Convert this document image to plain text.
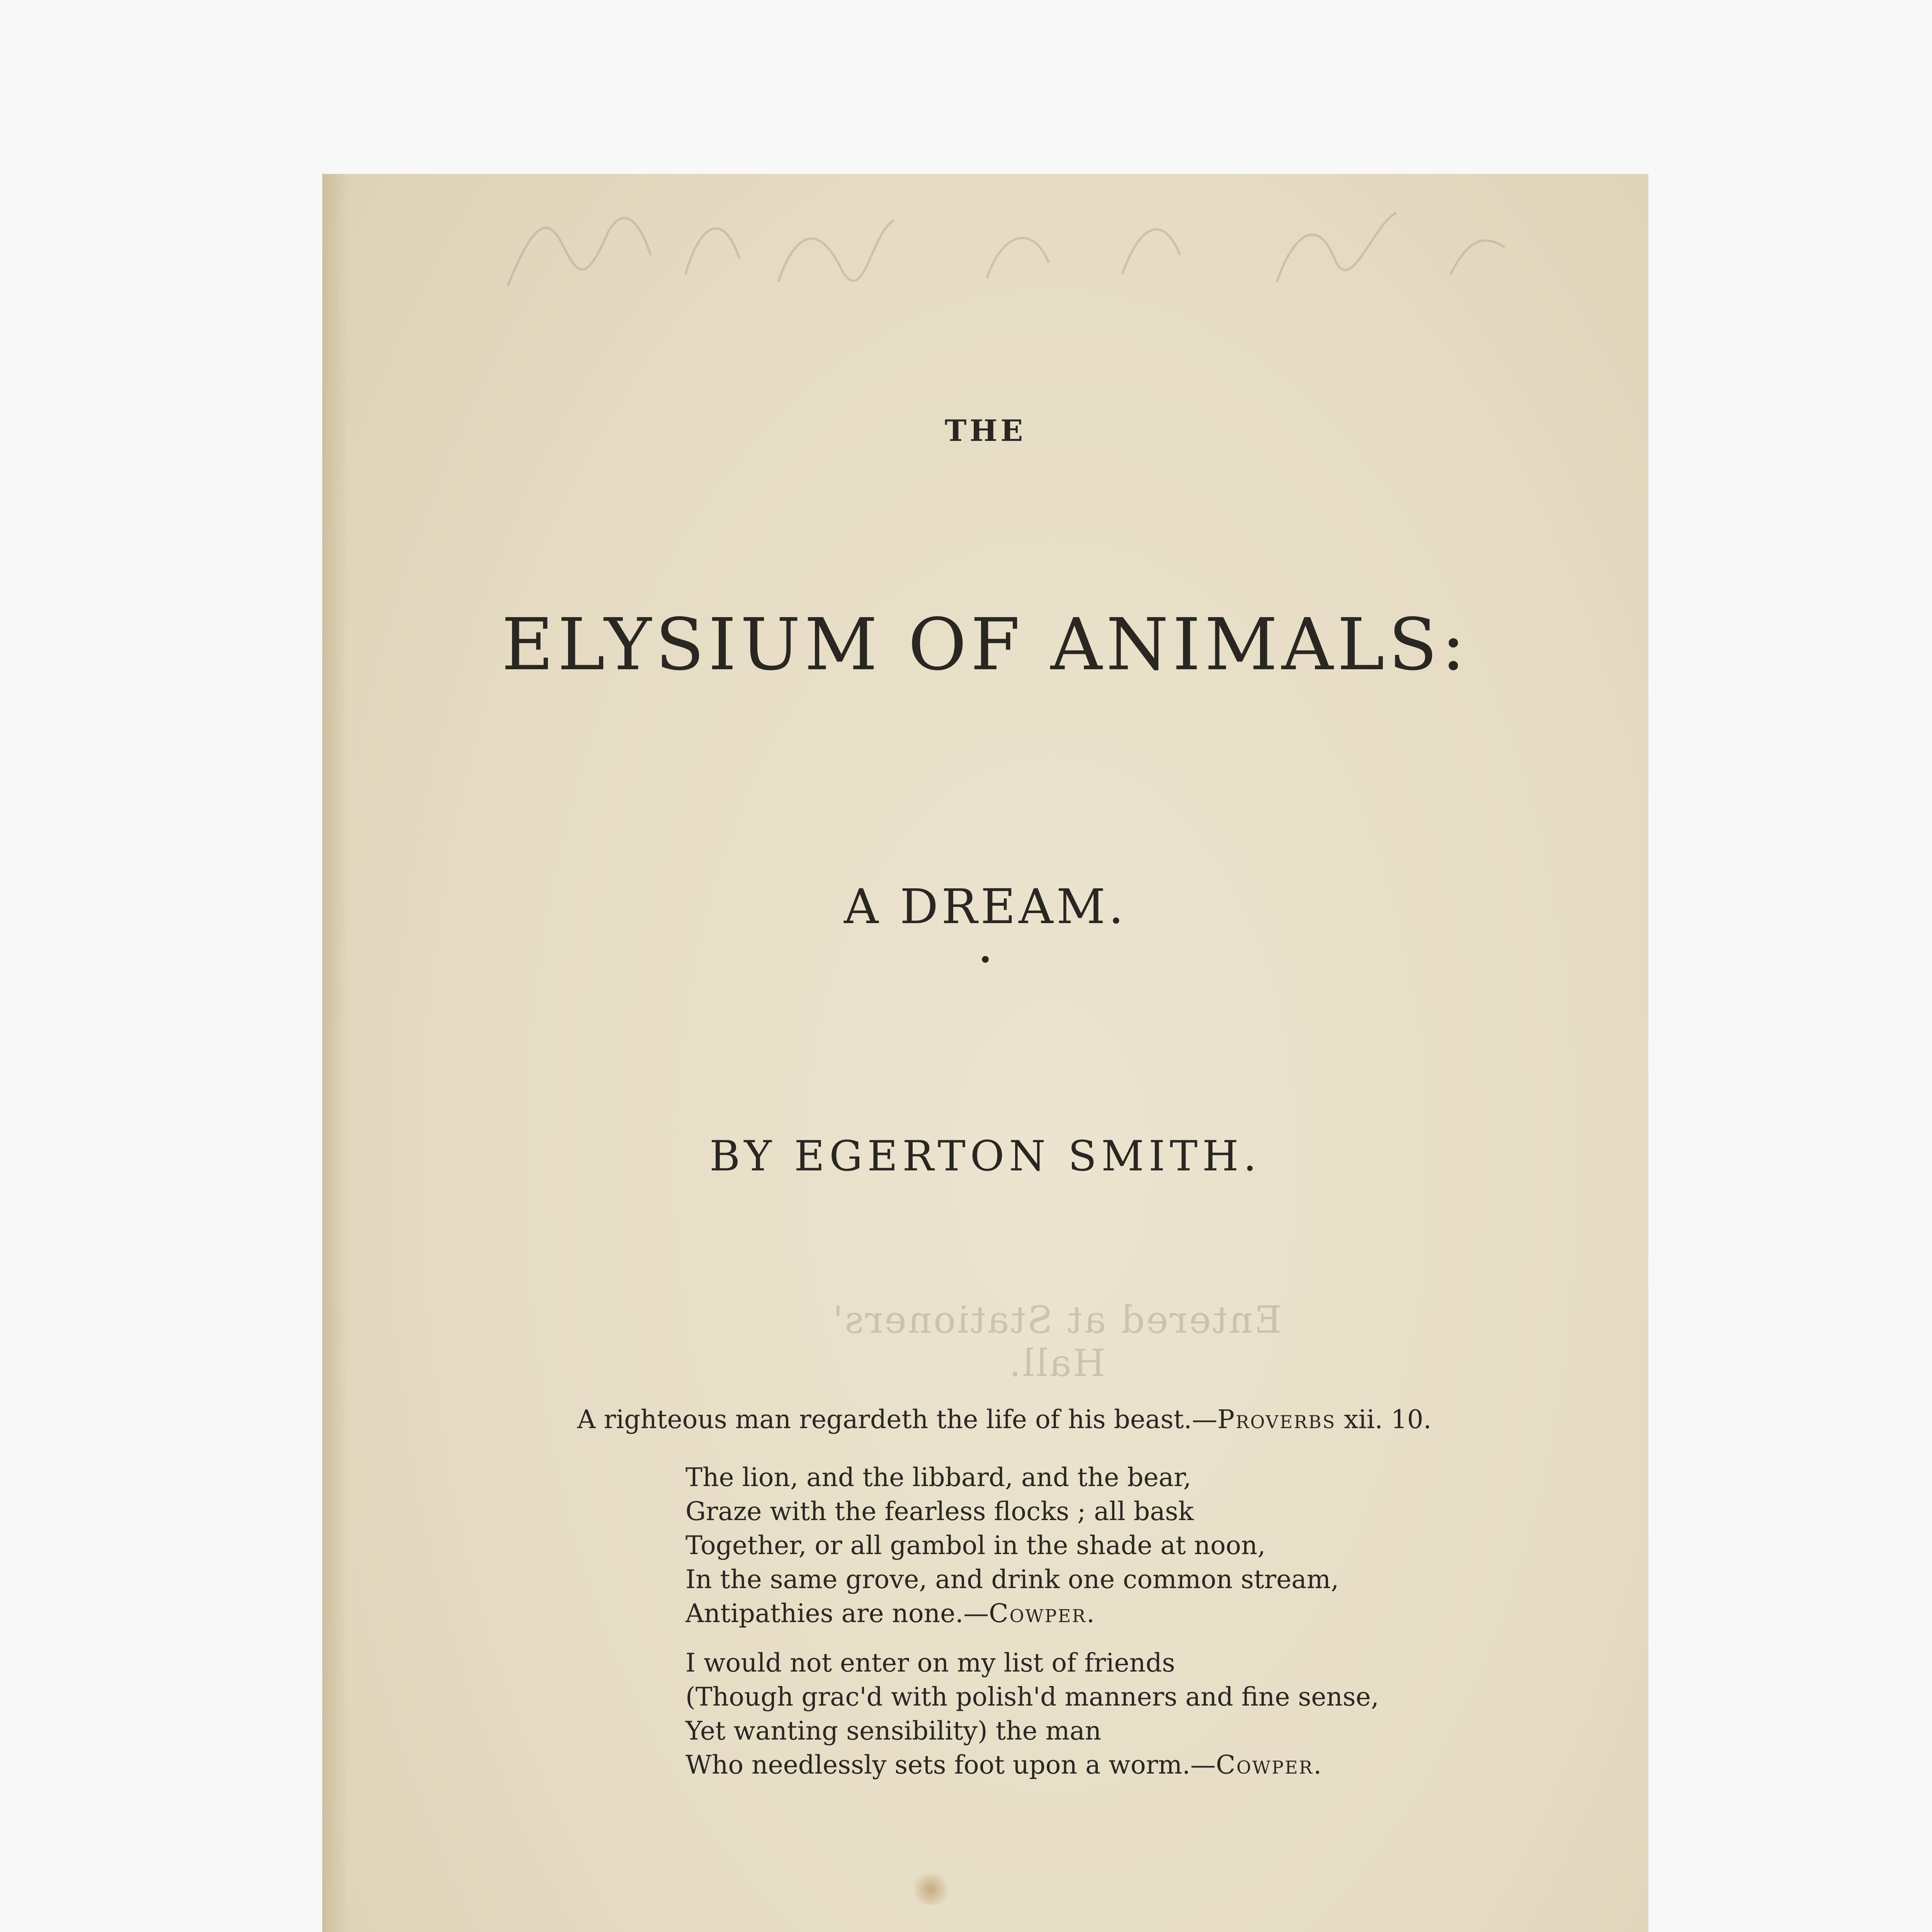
Entered at Stationers' Hall.
THE
ELYSIUM OF ANIMALS:
A DREAM.
•
BY EGERTON SMITH.
A righteous man regardeth the life of his beast.—Proverbs xii. 10.
The lion, and the libbard, and the bear,
Graze with the fearless flocks ; all bask
Together, or all gambol in the shade at noon,
In the same grove, and drink one common stream,
Antipathies are none.—Cowper.
I would not enter on my list of friends
(Though grac'd with polish'd manners and fine sense,
Yet wanting sensibility) the man
Who needlessly sets foot upon a worm.—Cowper.
